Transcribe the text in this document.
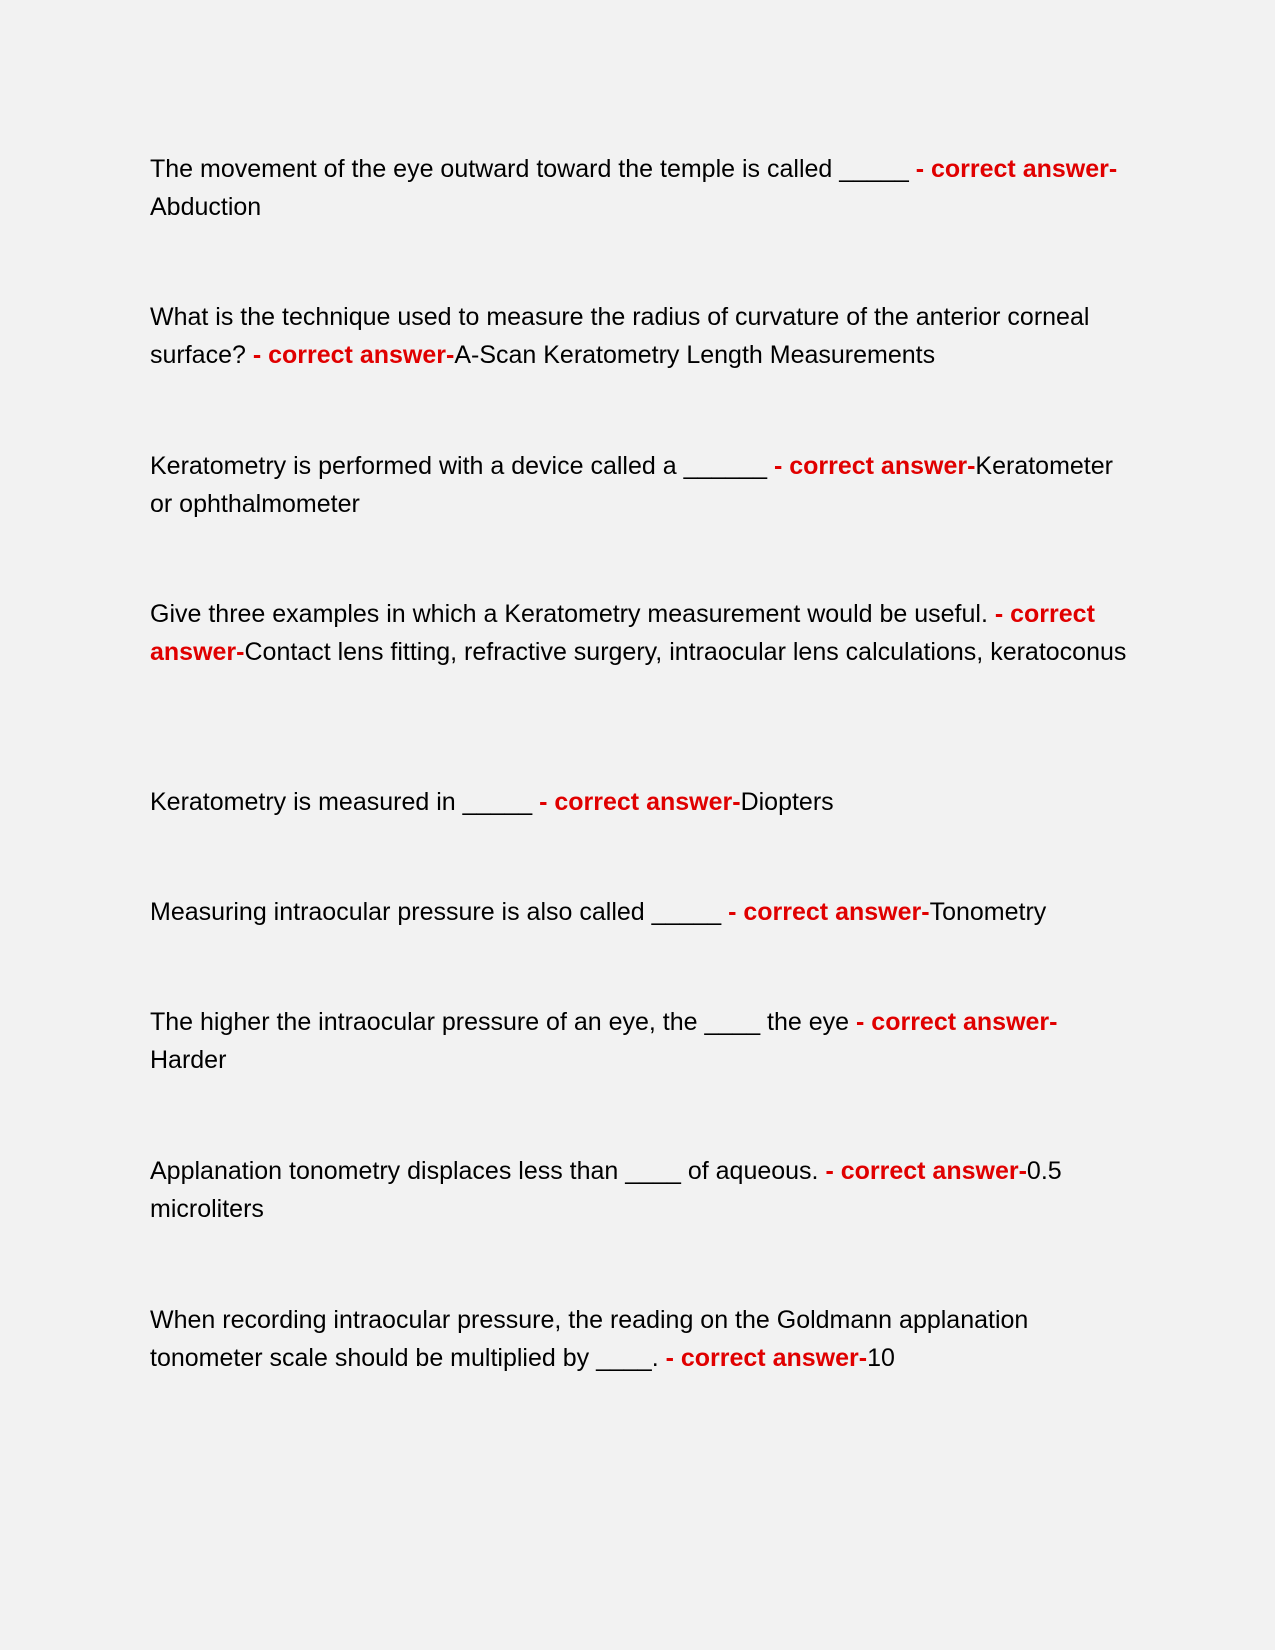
The movement of the eye outward toward the temple is called _____ - correct answer-Abduction

What is the technique used to measure the radius of curvature of the anterior corneal surface? - correct answer-A-Scan Keratometry Length Measurements

Keratometry is performed with a device called a ______ - correct answer-Keratometer or ophthalmometer

Give three examples in which a Keratometry measurement would be useful. - correct answer-Contact lens fitting, refractive surgery, intraocular lens calculations, keratoconus

Keratometry is measured in _____ - correct answer-Diopters

Measuring intraocular pressure is also called _____ - correct answer-Tonometry

The higher the intraocular pressure of an eye, the ____ the eye - correct answer-Harder

Applanation tonometry displaces less than ____ of aqueous. - correct answer-0.5 microliters

When recording intraocular pressure, the reading on the Goldmann applanation tonometer scale should be multiplied by ____. - correct answer-10
